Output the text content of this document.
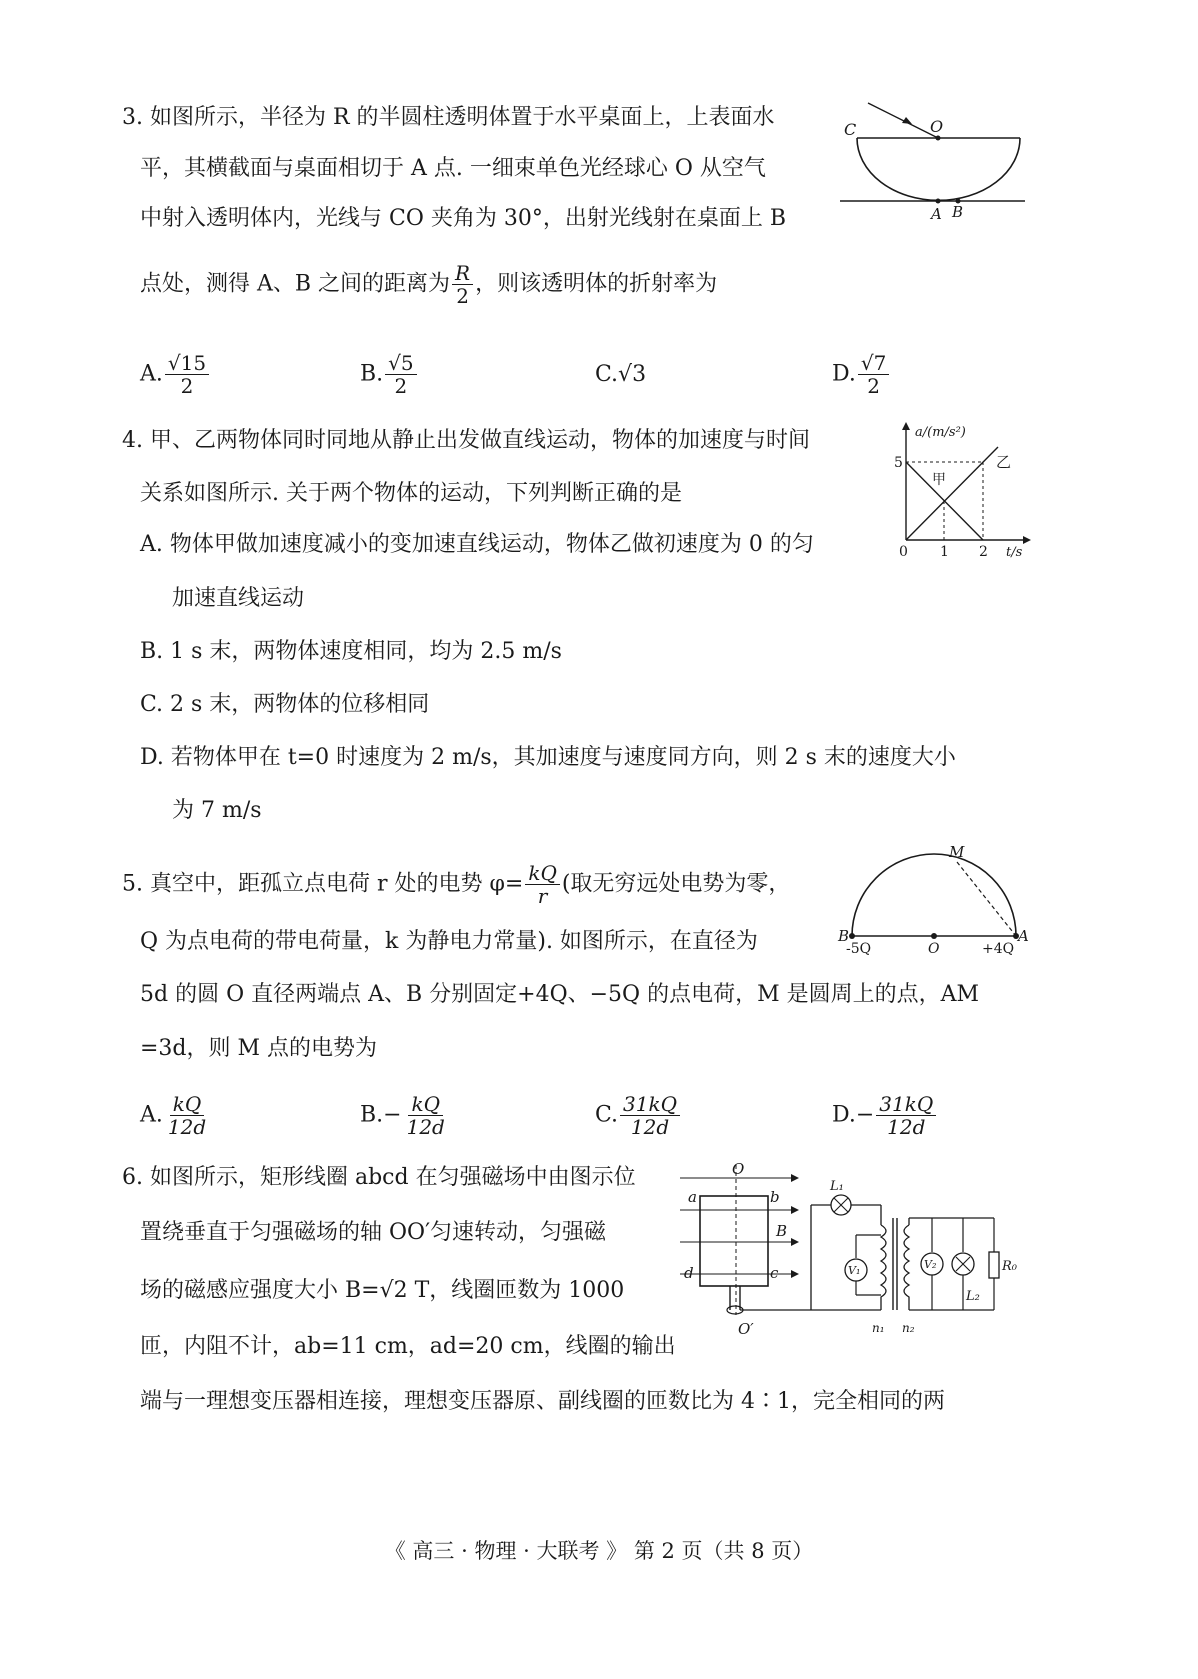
3. 如图所示，半径为 R 的半圆柱透明体置于水平桌面上，上表面水
平，其横截面与桌面相切于 A 点. 一细束单色光经球心 O 从空气
中射入透明体内，光线与 CO 夹角为 30°，出射光线射在桌面上 B
点处，测得 A、B 之间的距离为 $\frac{R}{2}$ ，则该透明体的折射率为
A. $\frac{√15}{2}$	B. $\frac{√5}{2}$	C.√3	D. $\frac{√7}{2}$
C	O
A B
4. 甲、乙两物体同时同地从静止出发做直线运动，物体的加速度与时间
关系如图所示. 关于两个物体的运动，下列判断正确的是
A. 物体甲做加速度减小的变加速直线运动，物体乙做初速度为 0 的匀
加速直线运动
B. 1 s 末，两物体速度相同，均为 2.5 m/s
C. 2 s 末，两物体的位移相同
D. 若物体甲在 t=0 时速度为 2 m/s，其加速度与速度同方向，则 2 s 末的速度大小
为 7 m/s
a/(m/s²)
t/s
5
0 1 2
甲
乙
5. 真空中，距孤立点电荷 r 处的电势 $\varphi= \frac{kQ}{r}$ (取无穷远处电势为零，
Q 为点电荷的带电荷量，k 为静电力常量). 如图所示，在直径为
5d 的圆 O 直径两端点 A、B 分别固定+4Q、−5Q 的点电荷，M 是圆周上的点，AM
=3d，则 M 点的电势为
A. $\frac{kQ}{12d}$	$B.- \frac{kQ}{12d}$	C. $\frac{31kQ}{12d}$	$D.- \frac{31kQ}{12d}$
M
B
-5Q	O	+4Q
A
6. 如图所示，矩形线圈 abcd 在匀强磁场中由图示位
置绕垂直于匀强磁场的轴 OO′匀速转动，匀强磁
场的磁感应强度大小 B=√2 T，线圈匝数为 1000
匝，内阻不计，ab=11 cm，ad=20 cm，线圈的输出
端与一理想变压器相连接，理想变压器原、副线圈的匝数比为 4∶1，完全相同的两
O
O′
a	b
c
d
B
L₁
V₁	V₂
L₂
R₀
n₁ n₂
《 高三 · 物理 · 大联考 》 第 2 页（共 8 页）
